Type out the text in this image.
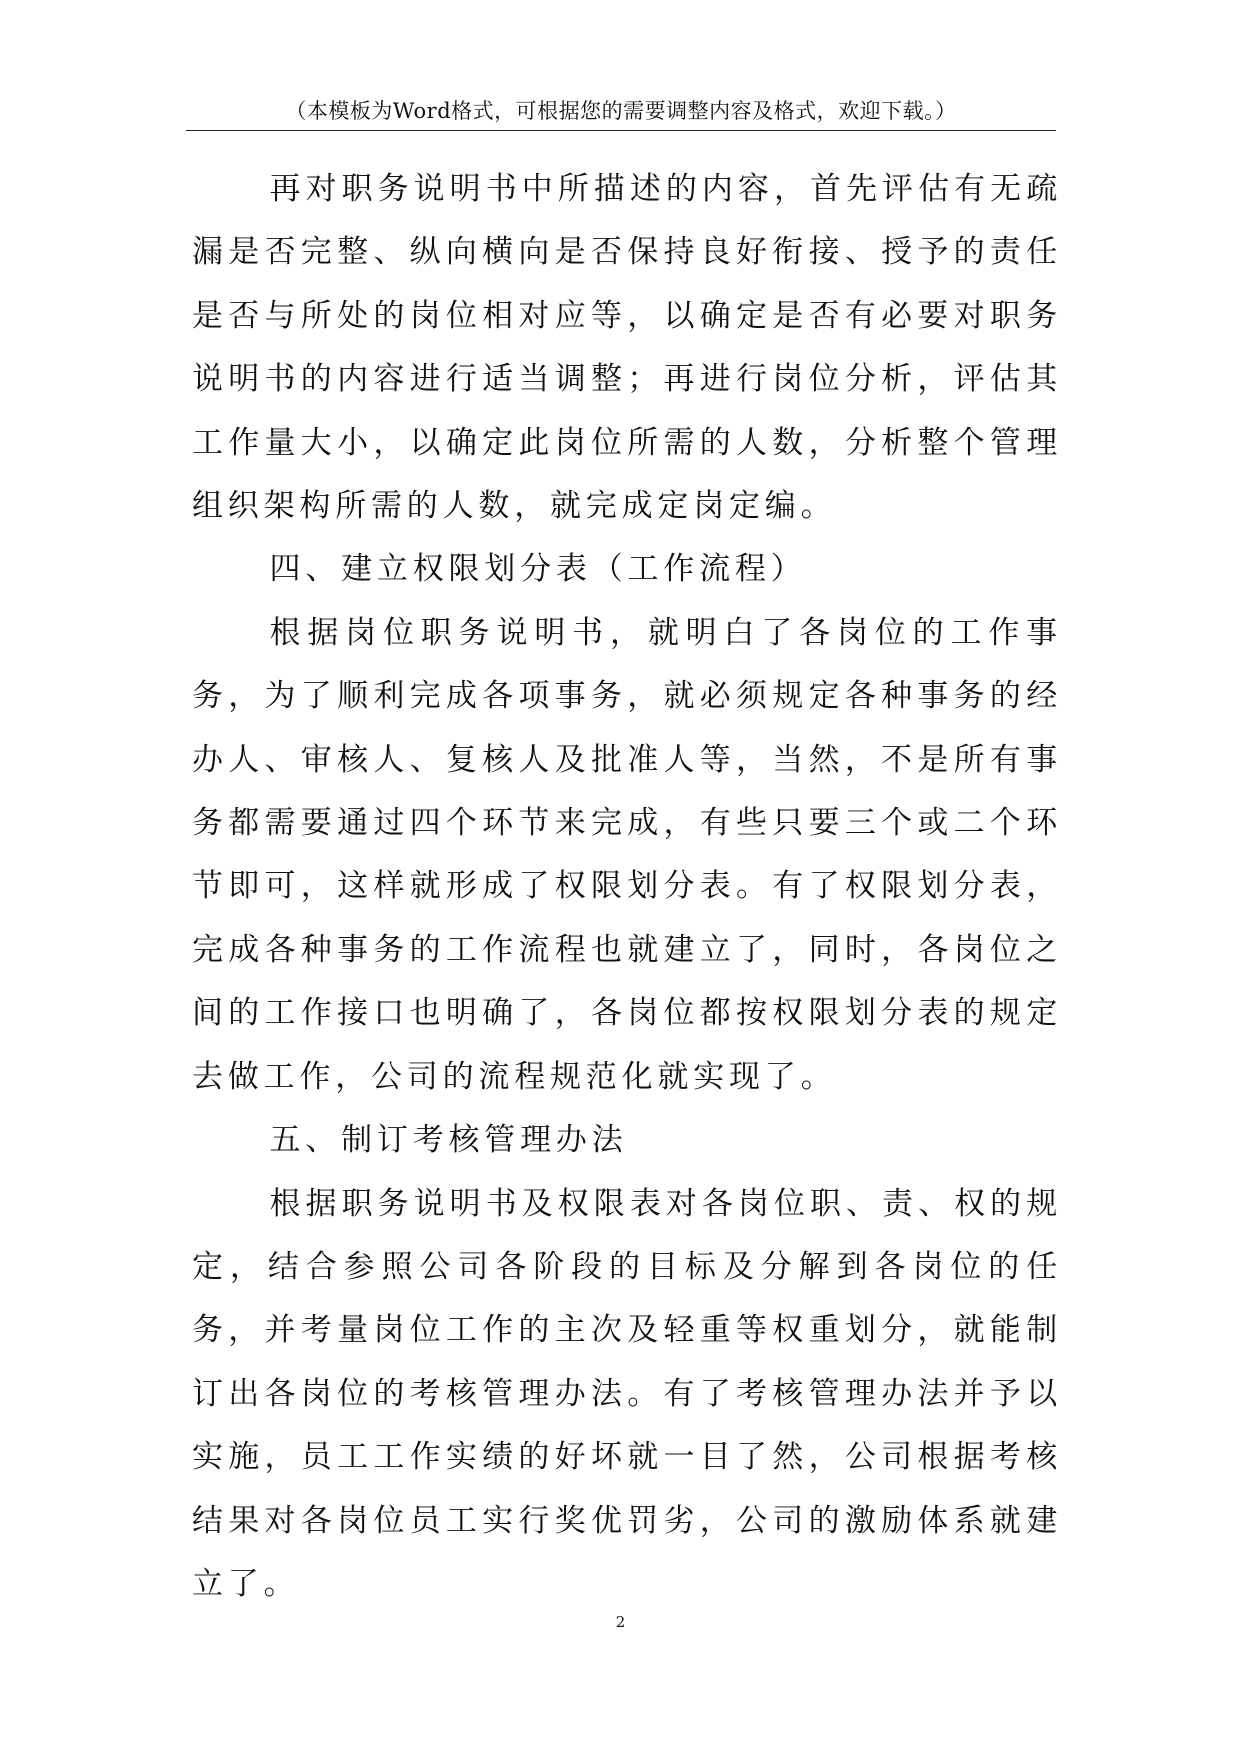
（本模板为Word格式，可根据您的需要调整内容及格式，欢迎下载。）

再对职务说明书中所描述的内容，首先评估有无疏漏是否完整、纵向横向是否保持良好衔接、授予的责任是否与所处的岗位相对应等，以确定是否有必要对职务说明书的内容进行适当调整；再进行岗位分析，评估其工作量大小，以确定此岗位所需的人数，分析整个管理组织架构所需的人数，就完成定岗定编。

四、建立权限划分表（工作流程）

根据岗位职务说明书，就明白了各岗位的工作事务，为了顺利完成各项事务，就必须规定各种事务的经办人、审核人、复核人及批准人等，当然，不是所有事务都需要通过四个环节来完成，有些只要三个或二个环节即可，这样就形成了权限划分表。有了权限划分表，完成各种事务的工作流程也就建立了，同时，各岗位之间的工作接口也明确了，各岗位都按权限划分表的规定去做工作，公司的流程规范化就实现了。

五、制订考核管理办法

根据职务说明书及权限表对各岗位职、责、权的规定，结合参照公司各阶段的目标及分解到各岗位的任务，并考量岗位工作的主次及轻重等权重划分，就能制订出各岗位的考核管理办法。有了考核管理办法并予以实施，员工工作实绩的好坏就一目了然，公司根据考核结果对各岗位员工实行奖优罚劣，公司的激励体系就建立了。

2
